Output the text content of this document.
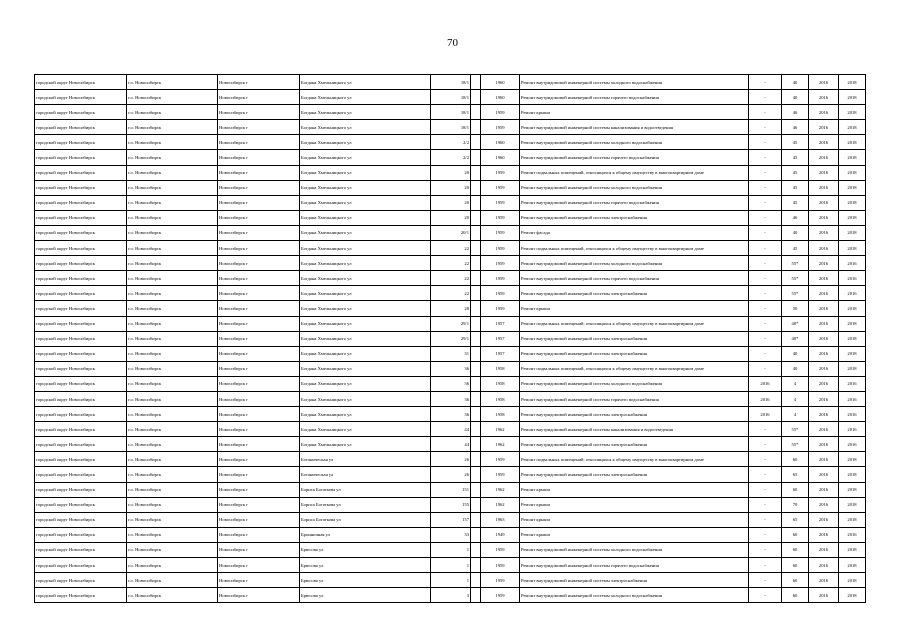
70
городской округ Новосибирск	г.о. Новосибирск	Новосибирск г	Богдана Хмельницкого ул	18/1		1960	Ремонт внутридомовой инженерной системы холодного водоснабжения	-	40	2016	2018
городской округ Новосибирск	г.о. Новосибирск	Новосибирск г	Богдана Хмельницкого ул	18/1		1960	Ремонт внутридомовой инженерной системы горячего водоснабжения	-	40	2016	2018
городской округ Новосибирск	г.о. Новосибирск	Новосибирск г	Богдана Хмельницкого ул	18/1		1959	Ремонт крыши	-	46	2016	2018
городской округ Новосибирск	г.о. Новосибирск	Новосибирск г	Богдана Хмельницкого ул	18/1		1959	Ремонт внутридомовой инженерной системы канализования и водоотведения	-	46	2016	2018
городской округ Новосибирск	г.о. Новосибирск	Новосибирск г	Богдана Хмельницкого ул	2/2		1960	Ремонт внутридомовой инженерной системы холодного водоснабжения	-	45	2016	2018
городской округ Новосибирск	г.о. Новосибирск	Новосибирск г	Богдана Хмельницкого ул	2/2		1960	Ремонт внутридомовой инженерной системы горячего водоснабжения	-	45	2016	2018
городской округ Новосибирск	г.о. Новосибирск	Новосибирск г	Богдана Хмельницкого ул	20		1959	Ремонт подвальных помещений, относящихся к общему имуществу в многоквартирном доме	-	45	2016	2018
городской округ Новосибирск	г.о. Новосибирск	Новосибирск г	Богдана Хмельницкого ул	20		1959	Ремонт внутридомовой инженерной системы холодного водоснабжения	-	45	2016	2018
городской округ Новосибирск	г.о. Новосибирск	Новосибирск г	Богдана Хмельницкого ул	20		1959	Ремонт внутридомовой инженерной системы горячего водоснабжения	-	45	2016	2018
городской округ Новосибирск	г.о. Новосибирск	Новосибирск г	Богдана Хмельницкого ул	20		1959	Ремонт внутридомовой инженерной системы электроснабжения	-	46	2016	2018
городской округ Новосибирск	г.о. Новосибирск	Новосибирск г	Богдана Хмельницкого ул	20/1		1959	Ремонт фасада	-	40	2016	2018
городской округ Новосибирск	г.о. Новосибирск	Новосибирск г	Богдана Хмельницкого ул	22		1959	Ремонт подвальных помещений, относящихся к общему имуществу в многоквартирном доме	-	45	2016	2018
городской округ Новосибирск	г.о. Новосибирск	Новосибирск г	Богдана Хмельницкого ул	22		1959	Ремонт внутридомовой инженерной системы холодного водоснабжения	-	55*	2016	2016
городской округ Новосибирск	г.о. Новосибирск	Новосибирск г	Богдана Хмельницкого ул	22		1959	Ремонт внутридомовой инженерной системы горячего водоснабжения	-	55*	2016	2016
городской округ Новосибирск	г.о. Новосибирск	Новосибирск г	Богдана Хмельницкого ул	22		1959	Ремонт внутридомовой инженерной системы электроснабжения	-	55*	2016	2016
городской округ Новосибирск	г.о. Новосибирск	Новосибирск г	Богдана Хмельницкого ул	28		1959	Ремонт крыши	-	50	2016	2018
городской округ Новосибирск	г.о. Новосибирск	Новосибирск г	Богдана Хмельницкого ул	29/1		1957	Ремонт подвальных помещений, относящихся к общему имуществу в многоквартирном доме	-	40*	2016	2018
городской округ Новосибирск	г.о. Новосибирск	Новосибирск г	Богдана Хмельницкого ул	29/1		1957	Ремонт внутридомовой инженерной системы электроснабжения	-	40*	2016	2018
городской округ Новосибирск	г.о. Новосибирск	Новосибирск г	Богдана Хмельницкого ул	31		1957	Ремонт внутридомовой инженерной системы электроснабжения	-	40	2016	2018
городской округ Новосибирск	г.о. Новосибирск	Новосибирск г	Богдана Хмельницкого ул	36		1958	Ремонт подвальных помещений, относящихся к общему имуществу в многоквартирном доме	-	40	2016	2018
городской округ Новосибирск	г.о. Новосибирск	Новосибирск г	Богдана Хмельницкого ул	36		1958	Ремонт внутридомовой инженерной системы холодного водоснабжения	2016	4	2016	2016
городской округ Новосибирск	г.о. Новосибирск	Новосибирск г	Богдана Хмельницкого ул	36		1958	Ремонт внутридомовой инженерной системы горячего водоснабжения	2016	4	2016	2016
городской округ Новосибирск	г.о. Новосибирск	Новосибирск г	Богдана Хмельницкого ул	36		1958	Ремонт внутридомовой инженерной системы электроснабжения	2016	4	2016	2016
городской округ Новосибирск	г.о. Новосибирск	Новосибирск г	Богдана Хмельницкого ул	44		1962	Ремонт внутридомовой инженерной системы канализования и водоотведения	-	55*	2016	2016
городской округ Новосибирск	г.о. Новосибирск	Новосибирск г	Богдана Хмельницкого ул	44		1962	Ремонт внутридомовой инженерной системы электроснабжения	-	55*	2016	2016
городской округ Новосибирск	г.о. Новосибирск	Новосибирск г	Ботаническая ул	26		1959	Ремонт подвальных помещений, относящихся к общему имуществу в многоквартирном доме	-	60	2016	2018
городской округ Новосибирск	г.о. Новосибирск	Новосибирск г	Ботаническая ул	26		1959	Ремонт внутридомовой инженерной системы электроснабжения	-	65	2016	2018
городской округ Новосибирск	г.о. Новосибирск	Новосибирск г	Бориса Богаткова ул	151		1962	Ремонт крыши	-	60	2016	2018
городской округ Новосибирск	г.о. Новосибирск	Новосибирск г	Бориса Богаткова ул	155		1962	Ремонт крыши	-	70	2016	2018
городской округ Новосибирск	г.о. Новосибирск	Новосибирск г	Бориса Богаткова ул	157		1963	Ремонт крыши	-	65	2016	2018
городской округ Новосибирск	г.о. Новосибирск	Новосибирск г	Бронничная ул	33		1949	Ремонт крыши	-	60	2016	2016
городской округ Новосибирск	г.о. Новосибирск	Новосибирск г	Брюсова ул	1		1959	Ремонт внутридомовой инженерной системы холодного водоснабжения	-	60	2016	2018
городской округ Новосибирск	г.о. Новосибирск	Новосибирск г	Брюсова ул	1		1959	Ремонт внутридомовой инженерной системы горячего водоснабжения	-	60	2016	2018
городской округ Новосибирск	г.о. Новосибирск	Новосибирск г	Брюсова ул	1		1959	Ремонт внутридомовой инженерной системы электроснабжения	-	60	2016	2018
городской округ Новосибирск	г.о. Новосибирск	Новосибирск г	Брюсова ул	3		1959	Ремонт внутридомовой инженерной системы холодного водоснабжения	-	60	2016	2018
